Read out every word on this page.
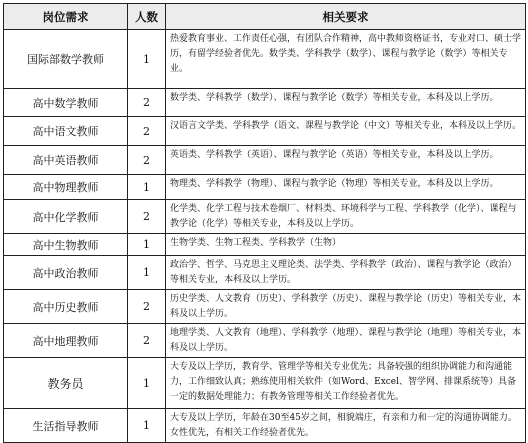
岗位需求	人数	相关要求
国际部数学教师	1	热爱教育事业、工作责任心强，有团队合作精神，高中教师资格证书，专业对口、硕士学历，有留学经验者优先。数学类、学科教学（数学）、课程与教学论（数学）等相关专业。
高中数学教师	2	数学类、学科教学（数学）、课程与教学论（数学）等相关专业，本科及以上学历。
高中语文教师	2	汉语言文学类、学科教学（语文、课程与教学论（中文）等相关专业，本科及以上学历。
高中英语教师	2	英语类、学科教学（英语）、课程与教学论（英语）等相关专业，本科及以上学历。
高中物理教师	1	物理类、学科教学（物理）、课程与教学论（物理）等相关专业，本科及以上学历。
高中化学教师	2	化学类、化学工程与技术卷烟厂、材料类、环境科学与工程、学科教学（化学）、课程与教学论（化学）等相关专业，本科及以上学历。
高中生物教师	1	生物学类、生物工程类、学科教学（生物）
高中政治教师	1	政治学、哲学、马克思主义理论类、法学类、学科教学（政治）、课程与教学论（政治）等相关专业，本科及以上学历。
高中历史教师	2	历史学类、人文教育（历史）、学科教学（历史）、课程与教学论（历史）等相关专业，本科及以上学历。
高中地理教师	2	地理学类、人文教育（地理）、学科教学（地理）、课程与教学论（地理）等相关专业，本科及以上学历。
教务员	1	大专及以上学历，教育学、管理学等相关专业优先；具备较强的组织协调能力和沟通能力，工作细致认真；熟练使用相关软件（如Word、Excel、智学网、排课系统等）具备一定的数据处理能力；有教务管理等相关工作经验者优先。
生活指导教师	1	大专及以上学历，年龄在30至45岁之间，相貌端庄，有亲和力和一定的沟通协调能力。女性优先，有相关工作经验者优先。
